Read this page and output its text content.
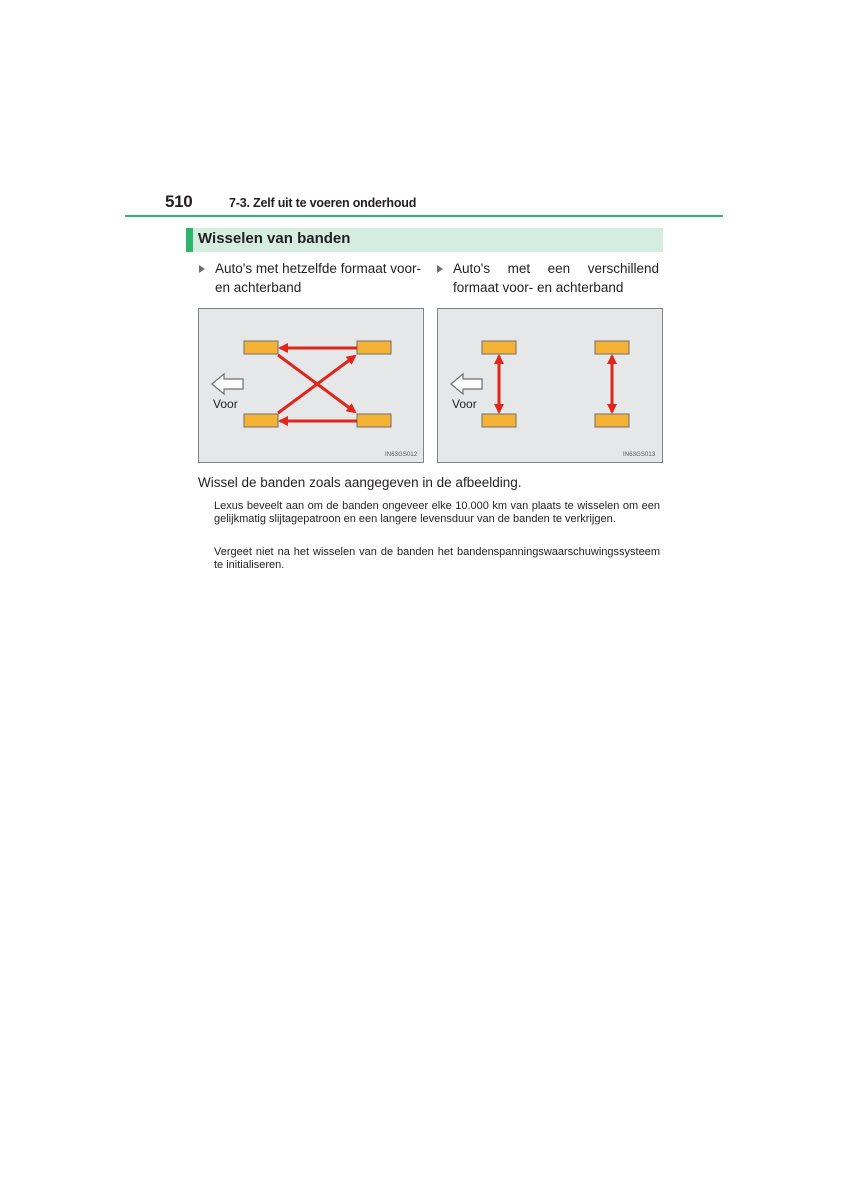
510	7-3. Zelf uit te voeren onderhoud
Wisselen van banden
Auto's met hetzelfde formaat voor- en achterband
Auto's met een verschillend formaat voor- en achterband
Voor
IN63GS012
Voor
IN63GS013
Wissel de banden zoals aangegeven in de afbeelding.
Lexus beveelt aan om de banden ongeveer elke 10.000 km van plaats te wisselen om een gelijkmatig slijtagepatroon en een langere levensduur van de banden te verkrijgen.
Vergeet niet na het wisselen van de banden het bandenspanningswaarschuwingssysteem te initialiseren.
